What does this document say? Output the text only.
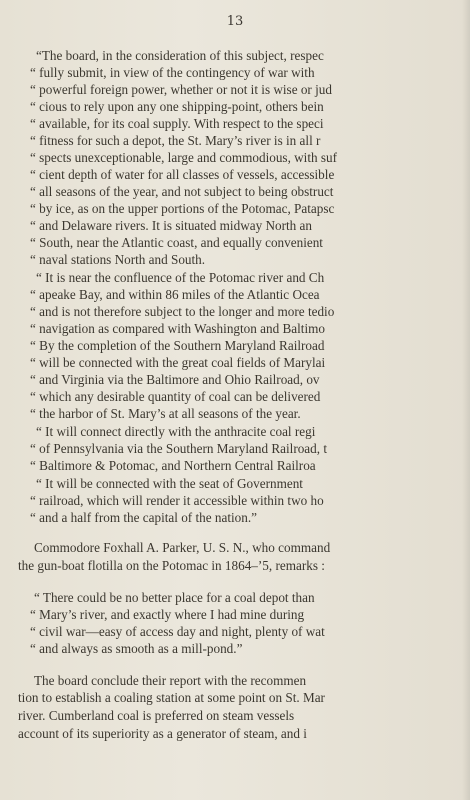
13
“The board, in the consideration of this subject, respec
“ fully submit, in view of the contingency of war with
“ powerful foreign power, whether or not it is wise or jud
“ cious to rely upon any one shipping-point, others bein
“ available, for its coal supply. With respect to the speci
“ fitness for such a depot, the St. Mary’s river is in all r
“ spects unexceptionable, large and commodious, with suf
“ cient depth of water for all classes of vessels, accessible
“ all seasons of the year, and not subject to being obstruct
“ by ice, as on the upper portions of the Potomac, Patapsc
“ and Delaware rivers. It is situated midway North an
“ South, near the Atlantic coast, and equally convenient
“ naval stations North and South.
“ It is near the confluence of the Potomac river and Ch
“ apeake Bay, and within 86 miles of the Atlantic Ocea
“ and is not therefore subject to the longer and more tedio
“ navigation as compared with Washington and Baltimo
“ By the completion of the Southern Maryland Railroad
“ will be connected with the great coal fields of Marylai
“ and Virginia via the Baltimore and Ohio Railroad, ov
“ which any desirable quantity of coal can be delivered
“ the harbor of St. Mary’s at all seasons of the year.
“ It will connect directly with the anthracite coal regi
“ of Pennsylvania via the Southern Maryland Railroad, t
“ Baltimore & Potomac, and Northern Central Railroa
“ It will be connected with the seat of Government
“ railroad, which will render it accessible within two ho
“ and a half from the capital of the nation.”
Commodore Foxhall A. Parker, U. S. N., who command
the gun-boat flotilla on the Potomac in 1864–’5, remarks :
“ There could be no better place for a coal depot than
“ Mary’s river, and exactly where I had mine during
“ civil war—easy of access day and night, plenty of wat
“ and always as smooth as a mill-pond.”
The board conclude their report with the recommen
tion to establish a coaling station at some point on St. Mar
river. Cumberland coal is preferred on steam vessels
account of its superiority as a generator of steam, and i
